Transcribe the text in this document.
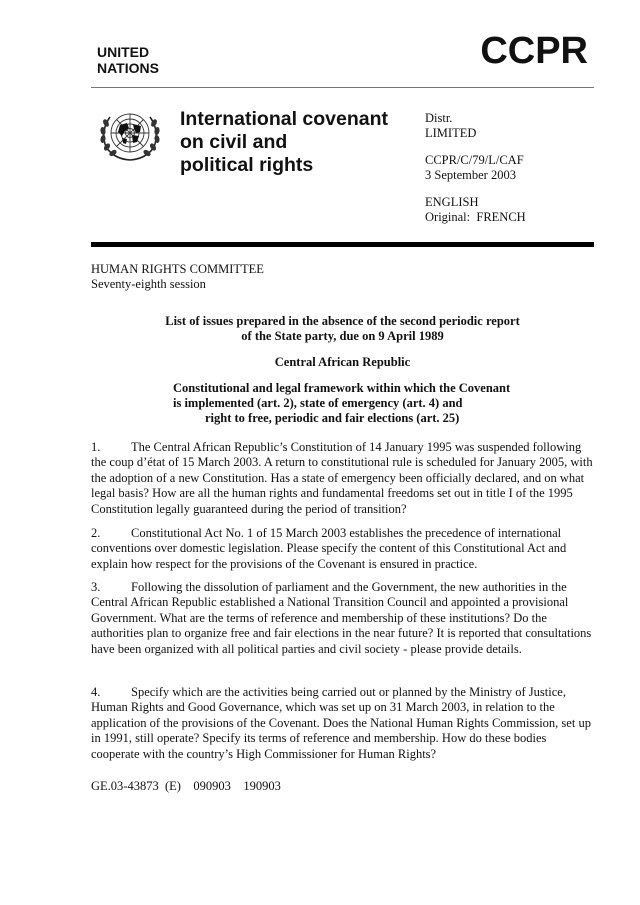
UNITED
NATIONS	CCPR
International covenant
on civil and
political rights
Distr.
LIMITED
CCPR/C/79/L/CAF
3 September 2003
ENGLISH
Original:  FRENCH
HUMAN RIGHTS COMMITTEE
Seventy-eighth session
List of issues prepared in the absence of the second periodic report
of the State party, due on 9 April 1989
Central African Republic
Constitutional and legal framework within which the Covenant
is implemented (art. 2), state of emergency (art. 4) and
right to free, periodic and fair elections (art. 25)
1. The Central African Republic’s Constitution of 14 January 1995 was suspended following the coup d’état of 15 March 2003. A return to constitutional rule is scheduled for January 2005, with the adoption of a new Constitution. Has a state of emergency been officially declared, and on what legal basis? How are all the human rights and fundamental freedoms set out in title I of the 1995 Constitution legally guaranteed during the period of transition?
2. Constitutional Act No. 1 of 15 March 2003 establishes the precedence of international conventions over domestic legislation. Please specify the content of this Constitutional Act and explain how respect for the provisions of the Covenant is ensured in practice.
3. Following the dissolution of parliament and the Government, the new authorities in the Central African Republic established a National Transition Council and appointed a provisional Government. What are the terms of reference and membership of these institutions? Do the authorities plan to organize free and fair elections in the near future? It is reported that consultations have been organized with all political parties and civil society - please provide details.
4. Specify which are the activities being carried out or planned by the Ministry of Justice, Human Rights and Good Governance, which was set up on 31 March 2003, in relation to the application of the provisions of the Covenant. Does the National Human Rights Commission, set up in 1991, still operate? Specify its terms of reference and membership. How do these bodies cooperate with the country’s High Commissioner for Human Rights?
GE.03-43873  (E)    090903    190903
